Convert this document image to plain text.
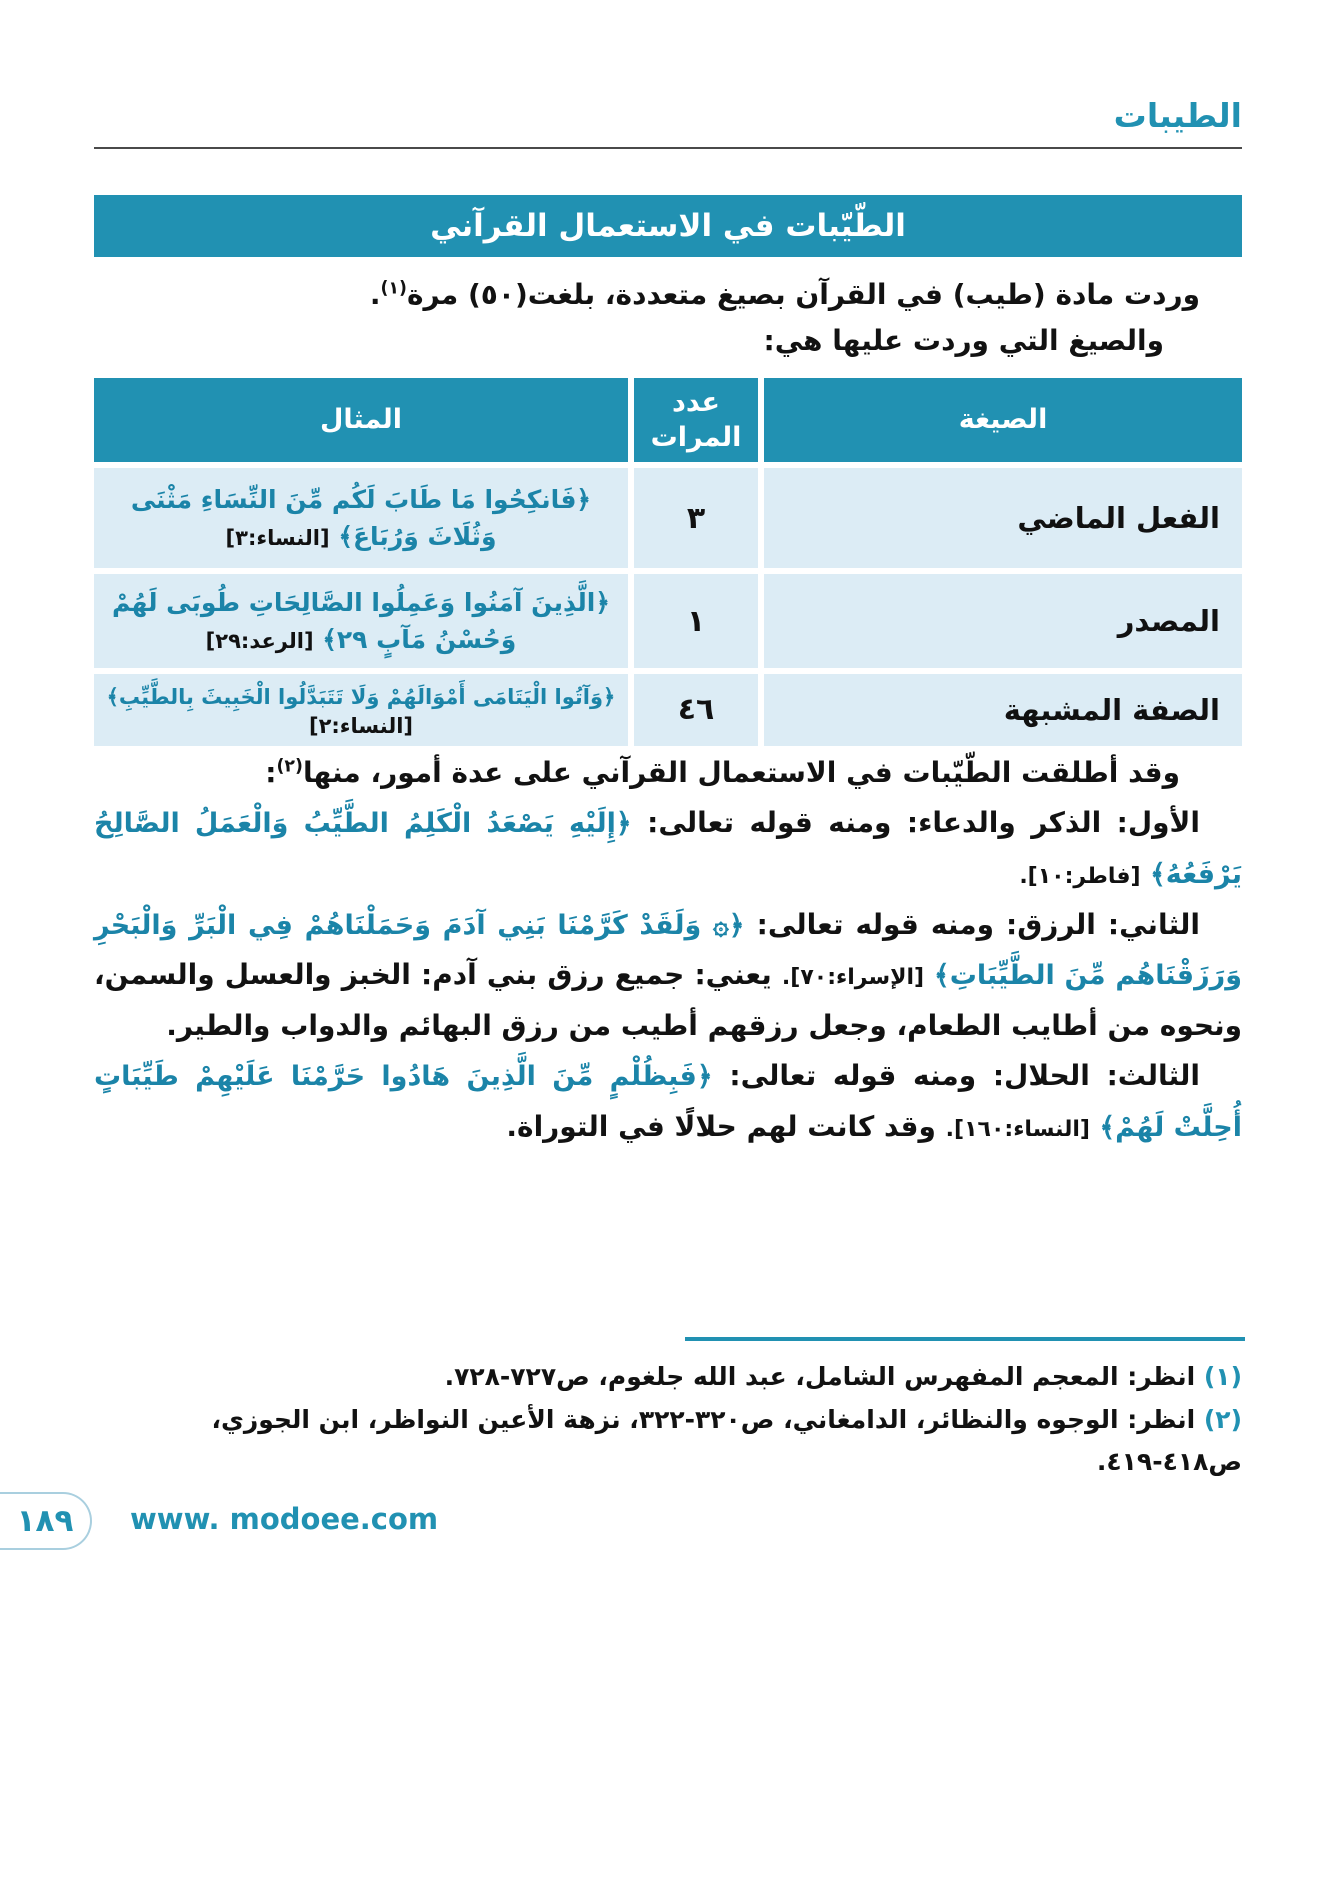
الطيبات
الطّيّبات في الاستعمال القرآني
وردت مادة (طيب) في القرآن بصيغ متعددة، بلغت(٥٠) مرة$^{(١)}$.
والصيغ التي وردت عليها هي:
الصيغة
عدد المرات
المثال
الفعل الماضي
٣
﴿فَانكِحُوا مَا طَابَ لَكُم مِّنَ النِّسَاءِ مَثْنَى وَثُلَاثَ وَرُبَاعَ﴾ [النساء:٣]
المصدر
١
﴿الَّذِينَ آمَنُوا وَعَمِلُوا الصَّالِحَاتِ طُوبَى لَهُمْ وَحُسْنُ مَآبٍ ٢٩﴾ [الرعد:٢٩]
الصفة المشبهة
٤٦
﴿وَآتُوا الْيَتَامَى أَمْوَالَهُمْ وَلَا تَتَبَدَّلُوا الْخَبِيثَ بِالطَّيِّبِ﴾ [النساء:٢]

وقد أطلقت الطّيّبات في الاستعمال القرآني على عدة أمور، منها$^{(٢)}$:

الأول: الذكر والدعاء: ومنه قوله تعالى: ﴿إِلَيْهِ يَصْعَدُ الْكَلِمُ الطَّيِّبُ وَالْعَمَلُ الصَّالِحُ يَرْفَعُهُ﴾ [فاطر:١٠].

الثاني: الرزق: ومنه قوله تعالى: ﴿۞ وَلَقَدْ كَرَّمْنَا بَنِي آدَمَ وَحَمَلْنَاهُمْ فِي الْبَرِّ وَالْبَحْرِ وَرَزَقْنَاهُم مِّنَ الطَّيِّبَاتِ﴾ [الإسراء:٧٠]. يعني: جميع رزق بني آدم: الخبز والعسل والسمن، ونحوه من أطايب الطعام، وجعل رزقهم أطيب من رزق البهائم والدواب والطير.

الثالث: الحلال: ومنه قوله تعالى: ﴿فَبِظُلْمٍ مِّنَ الَّذِينَ هَادُوا حَرَّمْنَا عَلَيْهِمْ طَيِّبَاتٍ أُحِلَّتْ لَهُمْ﴾ [النساء:١٦٠]. وقد كانت لهم حلالًا في التوراة.

(١) انظر: المعجم المفهرس الشامل، عبد الله جلغوم، ص٧٢٧-٧٢٨.
(٢) انظر: الوجوه والنظائر، الدامغاني، ص٣٢٠-٣٢٢، نزهة الأعين النواظر، ابن الجوزي، ص٤١٨-٤١٩.
١٨٩ www. modoee.com
